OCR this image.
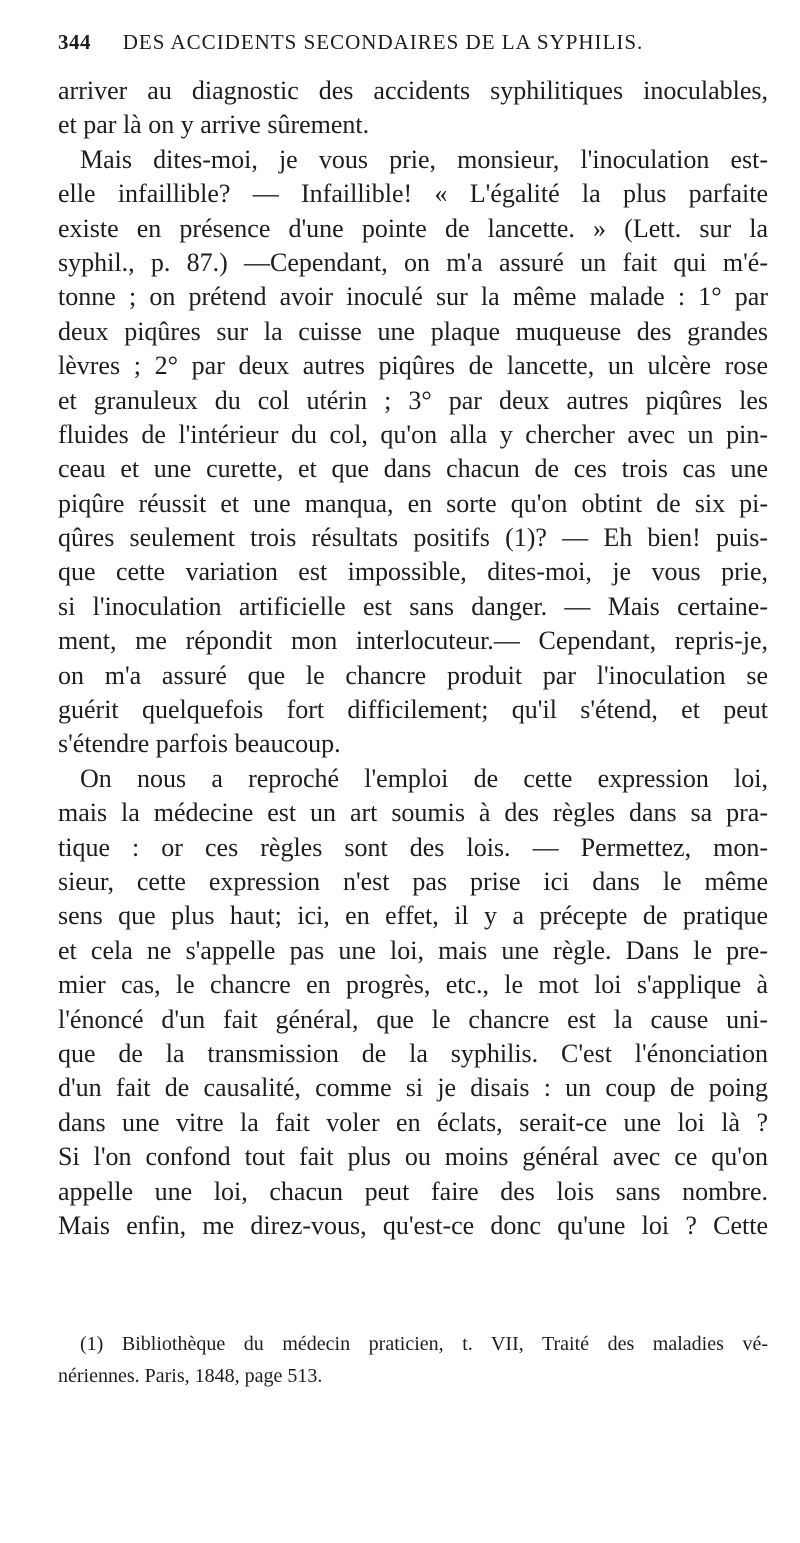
344 DES ACCIDENTS SECONDAIRES DE LA SYPHILIS.
arriver au diagnostic des accidents syphilitiques inoculables,
et par là on y arrive sûrement.
Mais dites-moi, je vous prie, monsieur, l'inoculation est-
elle infaillible? — Infaillible! « L'égalité la plus parfaite
existe en présence d'une pointe de lancette. » (Lett. sur la
syphil., p. 87.) —Cependant, on m'a assuré un fait qui m'é-
tonne ; on prétend avoir inoculé sur la même malade : 1° par
deux piqûres sur la cuisse une plaque muqueuse des grandes
lèvres ; 2° par deux autres piqûres de lancette, un ulcère rose
et granuleux du col utérin ; 3° par deux autres piqûres les
fluides de l'intérieur du col, qu'on alla y chercher avec un pin-
ceau et une curette, et que dans chacun de ces trois cas une
piqûre réussit et une manqua, en sorte qu'on obtint de six pi-
qûres seulement trois résultats positifs (1)? — Eh bien! puis-
que cette variation est impossible, dites-moi, je vous prie,
si l'inoculation artificielle est sans danger. — Mais certaine-
ment, me répondit mon interlocuteur.— Cependant, repris-je,
on m'a assuré que le chancre produit par l'inoculation se
guérit quelquefois fort difficilement; qu'il s'étend, et peut
s'étendre parfois beaucoup.
On nous a reproché l'emploi de cette expression loi,
mais la médecine est un art soumis à des règles dans sa pra-
tique : or ces règles sont des lois. — Permettez, mon-
sieur, cette expression n'est pas prise ici dans le même
sens que plus haut; ici, en effet, il y a précepte de pratique
et cela ne s'appelle pas une loi, mais une règle. Dans le pre-
mier cas, le chancre en progrès, etc., le mot loi s'applique à
l'énoncé d'un fait général, que le chancre est la cause uni-
que de la transmission de la syphilis. C'est l'énonciation
d'un fait de causalité, comme si je disais : un coup de poing
dans une vitre la fait voler en éclats, serait-ce une loi là ?
Si l'on confond tout fait plus ou moins général avec ce qu'on
appelle une loi, chacun peut faire des lois sans nombre.
Mais enfin, me direz-vous, qu'est-ce donc qu'une loi ? Cette
(1) Bibliothèque du médecin praticien, t. VII, Traité des maladies vé-
nériennes. Paris, 1848, page 513.
